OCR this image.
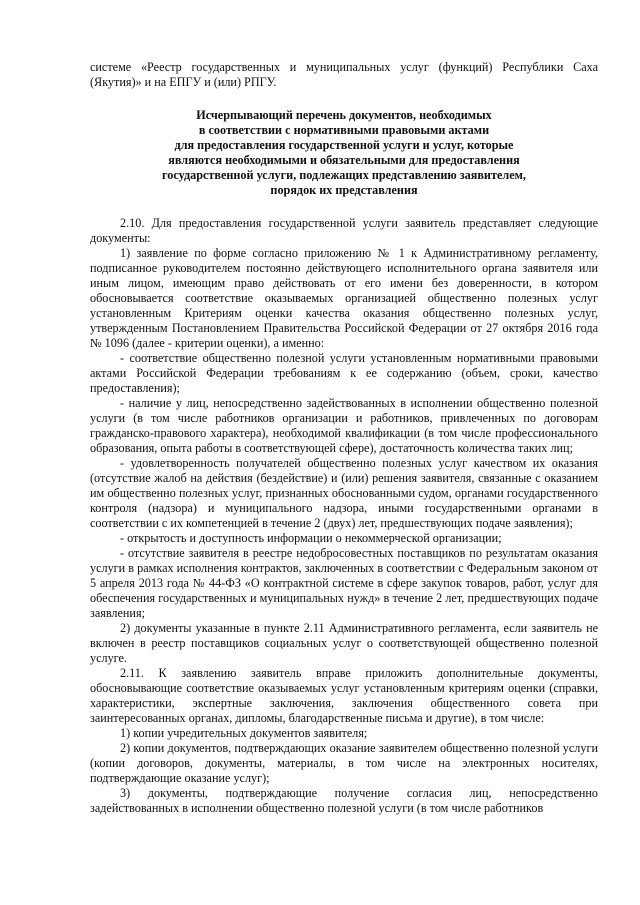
системе «Реестр государственных и муниципальных услуг (функций) Республики Саха (Якутия)» и на ЕПГУ и (или) РПГУ.

Исчерпывающий перечень документов, необходимых
в соответствии с нормативными правовыми актами
для предоставления государственной услуги и услуг, которые
являются необходимыми и обязательными для предоставления
государственной услуги, подлежащих представлению заявителем,
порядок их представления

2.10. Для предоставления государственной услуги заявитель представляет следующие документы:

1) заявление по форме согласно приложению № 1 к Административному регламенту, подписанное руководителем постоянно действующего исполнительного органа заявителя или иным лицом, имеющим право действовать от его имени без доверенности, в котором обосновывается соответствие оказываемых организацией общественно полезных услуг установленным Критериям оценки качества оказания общественно полезных услуг, утвержденным Постановлением Правительства Российской Федерации от 27 октября 2016 года № 1096 (далее - критерии оценки), а именно:

- соответствие общественно полезной услуги установленным нормативными правовыми актами Российской Федерации требованиям к ее содержанию (объем, сроки, качество предоставления);

- наличие у лиц, непосредственно задействованных в исполнении общественно полезной услуги (в том числе работников организации и работников, привлеченных по договорам гражданско-правового характера), необходимой квалификации (в том числе профессионального образования, опыта работы в соответствующей сфере), достаточность количества таких лиц;

- удовлетворенность получателей общественно полезных услуг качеством их оказания (отсутствие жалоб на действия (бездействие) и (или) решения заявителя, связанные с оказанием им общественно полезных услуг, признанных обоснованными судом, органами государственного контроля (надзора) и муниципального надзора, иными государственными органами в соответствии с их компетенцией в течение 2 (двух) лет, предшествующих подаче заявления);

- открытость и доступность информации о некоммерческой организации;

- отсутствие заявителя в реестре недобросовестных поставщиков по результатам оказания услуги в рамках исполнения контрактов, заключенных в соответствии с Федеральным законом от 5 апреля 2013 года № 44-ФЗ «О контрактной системе в сфере закупок товаров, работ, услуг для обеспечения государственных и муниципальных нужд» в течение 2 лет, предшествующих подаче заявления;

2) документы указанные в пункте 2.11 Административного регламента, если заявитель не включен в реестр поставщиков социальных услуг о соответствующей общественно полезной услуге.

2.11. К заявлению заявитель вправе приложить дополнительные документы, обосновывающие соответствие оказываемых услуг установленным критериям оценки (справки, характеристики, экспертные заключения, заключения общественного совета при заинтересованных органах, дипломы, благодарственные письма и другие), в том числе:

1) копии учредительных документов заявителя;

2) копии документов, подтверждающих оказание заявителем общественно полезной услуги (копии договоров, документы, материалы, в том числе на электронных носителях, подтверждающие оказание услуг);

3) документы, подтверждающие получение согласия лиц, непосредственно задействованных в исполнении общественно полезной услуги (в том числе работников
